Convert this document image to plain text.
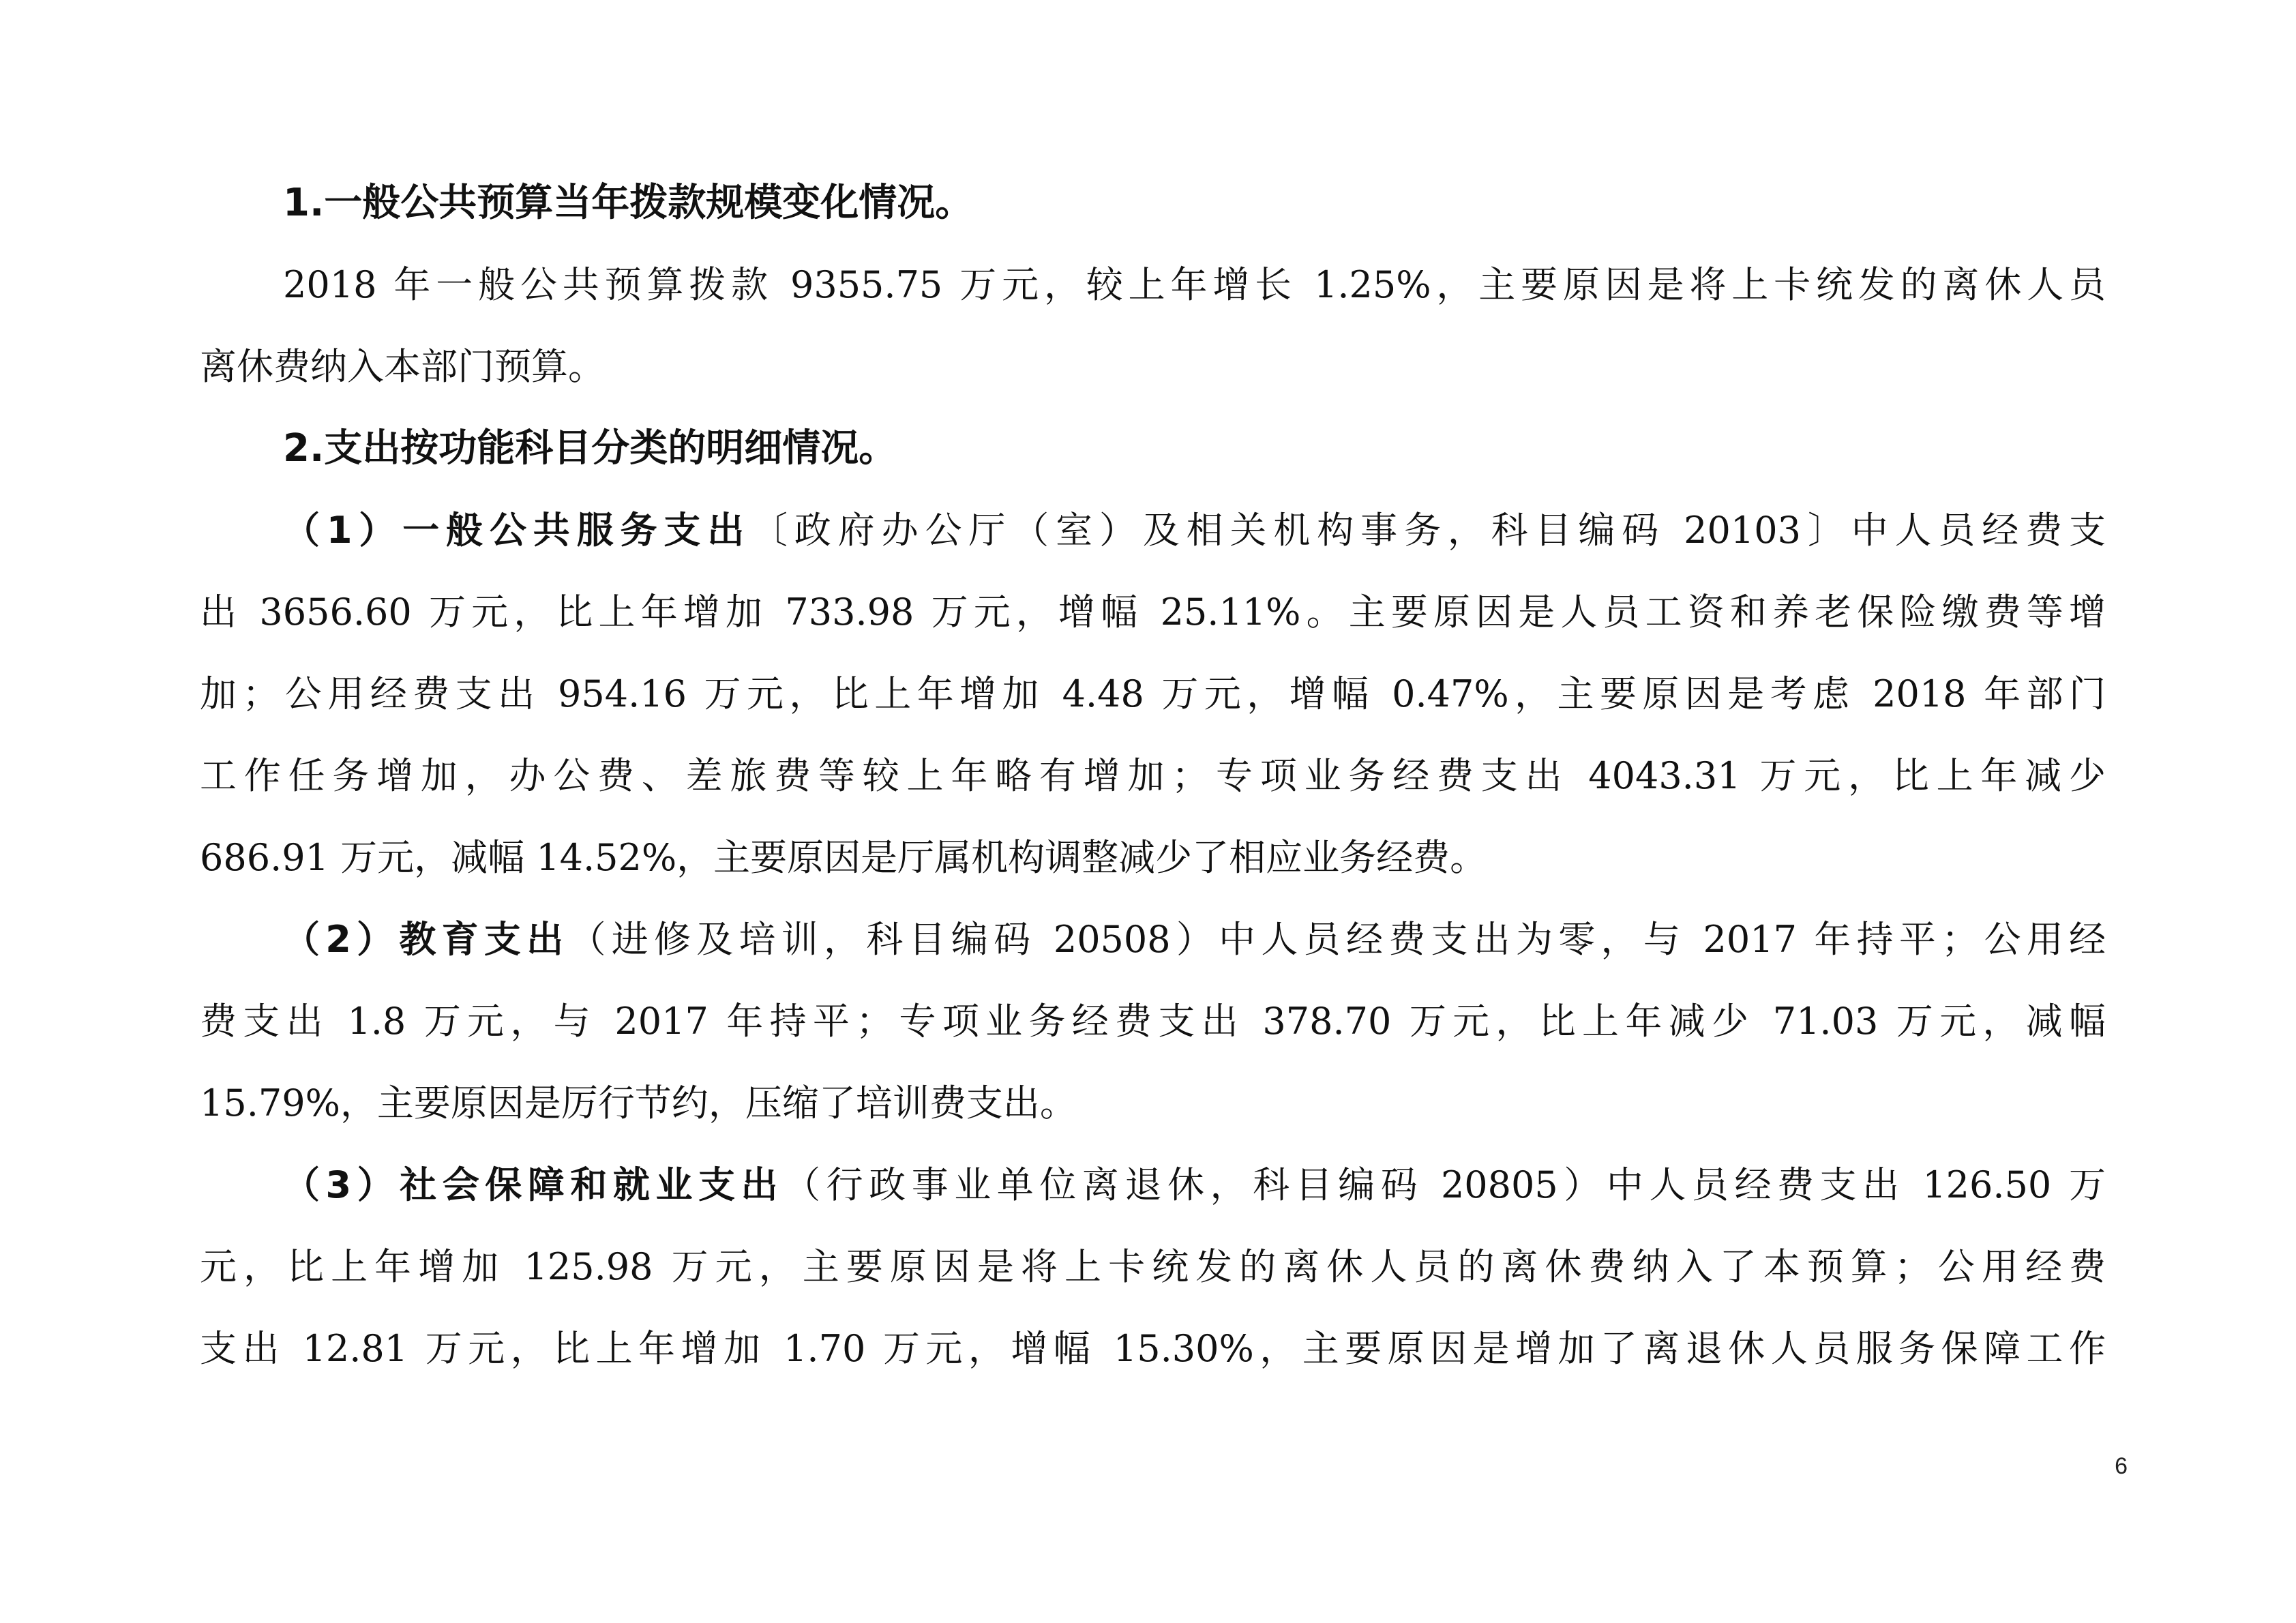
1.一般公共预算当年拨款规模变化情况。
2018 年一般公共预算拨款 9355.75 万元，较上年增长 1.25%，主要原因是将上卡统发的离休人员
离休费纳入本部门预算。
2.支出按功能科目分类的明细情况。
（1）一般公共服务支出〔政府办公厅（室）及相关机构事务，科目编码 20103〕中人员经费支
出 3656.60 万元，比上年增加 733.98 万元，增幅 25.11%。主要原因是人员工资和养老保险缴费等增
加；公用经费支出 954.16 万元，比上年增加 4.48 万元，增幅 0.47%，主要原因是考虑 2018 年部门
工作任务增加，办公费、差旅费等较上年略有增加；专项业务经费支出 4043.31 万元，比上年减少
686.91 万元，减幅 14.52%，主要原因是厅属机构调整减少了相应业务经费。
（2）教育支出（进修及培训，科目编码 20508）中人员经费支出为零，与 2017 年持平；公用经
费支出 1.8 万元，与 2017 年持平；专项业务经费支出 378.70 万元，比上年减少 71.03 万元，减幅
15.79%，主要原因是厉行节约，压缩了培训费支出。
（3）社会保障和就业支出（行政事业单位离退休，科目编码 20805）中人员经费支出 126.50 万
元，比上年增加 125.98 万元，主要原因是将上卡统发的离休人员的离休费纳入了本预算；公用经费
支出 12.81 万元，比上年增加 1.70 万元，增幅 15.30%，主要原因是增加了离退休人员服务保障工作
6
